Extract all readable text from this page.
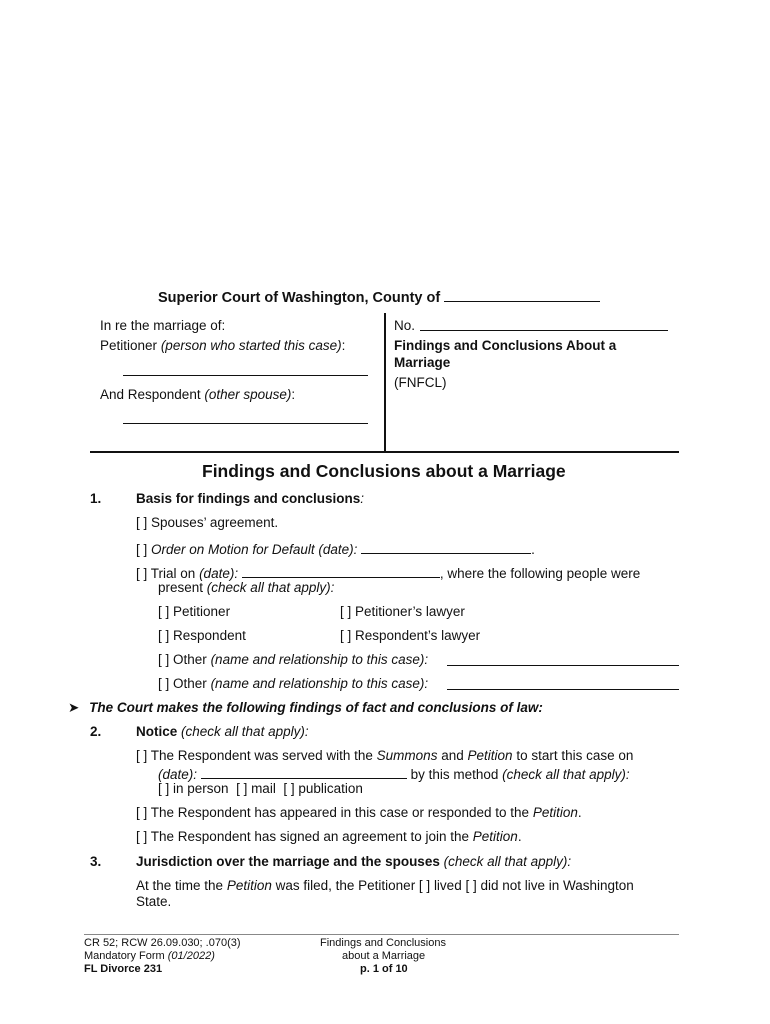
Superior Court of Washington, County of
In re the marriage of:
Petitioner (person who started this case):
And Respondent (other spouse):
No.
Findings and Conclusions About a
Marriage
(FNFCL)
Findings and Conclusions about a Marriage
1.	Basis for findings and conclusions:
[ ] Spouses’ agreement.
[ ] Order on Motion for Default (date):	.
[ ] Trial on (date):	, where the following people were
present (check all that apply):
[ ] Petitioner	[ ] Petitioner’s lawyer
[ ] Respondent	[ ] Respondent’s lawyer
[ ] Other (name and relationship to this case):
[ ] Other (name and relationship to this case):
➤ The Court makes the following findings of fact and conclusions of law:
2.	Notice (check all that apply):
[ ] The Respondent was served with the Summons and Petition to start this case on
(date):	by this method (check all that apply):
[ ] in person [ ] mail [ ] publication
[ ] The Respondent has appeared in this case or responded to the Petition.
[ ] The Respondent has signed an agreement to join the Petition.
3.	Jurisdiction over the marriage and the spouses (check all that apply):
At the time the Petition was filed, the Petitioner [ ] lived [ ] did not live in Washington
State.
CR 52; RCW 26.09.030; .070(3)
Mandatory Form (01/2022)
FL Divorce 231
Findings and Conclusions
about a Marriage
p. 1 of 10
